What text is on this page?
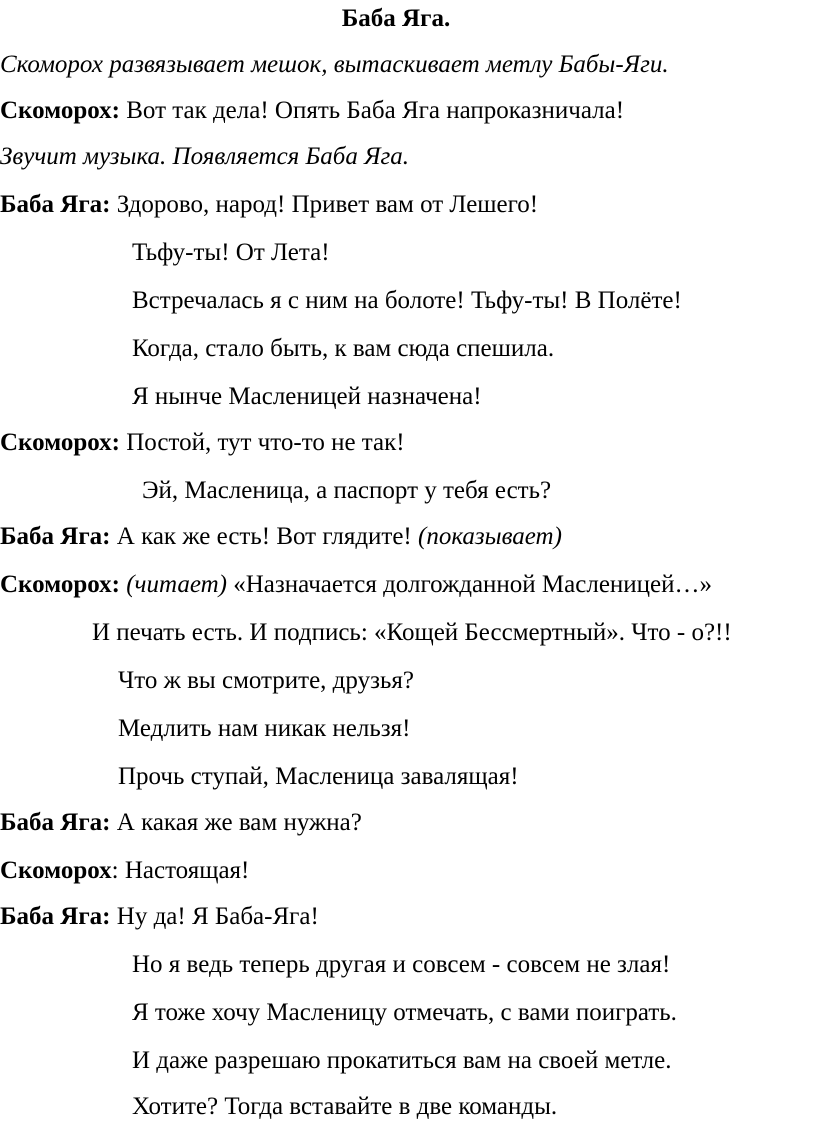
Баба Яга.
Скоморох развязывает мешок, вытаскивает метлу Бабы-Яги.
Скоморох: Вот так дела! Опять Баба Яга напроказничала!
Звучит музыка. Появляется Баба Яга.
Баба Яга: Здорово, народ! Привет вам от Лешего!
Тьфу-ты! От Лета!
Встречалась я с ним на болоте! Тьфу-ты! В Полёте!
Когда, стало быть, к вам сюда спешила.
Я нынче Масленицей назначена!
Скоморох: Постой, тут что-то не так!
Эй, Масленица, а паспорт у тебя есть?
Баба Яга: А как же есть! Вот глядите! (показывает)
Скоморох: (читает) «Назначается долгожданной Масленицей…»
И печать есть. И подпись: «Кощей Бессмертный». Что - о?!!
Что ж вы смотрите, друзья?
Медлить нам никак нельзя!
Прочь ступай, Масленица завалящая!
Баба Яга: А какая же вам нужна?
Скоморох: Настоящая!
Баба Яга: Ну да! Я Баба-Яга!
Но я ведь теперь другая и совсем - совсем не злая!
Я тоже хочу Масленицу отмечать, с вами поиграть.
И даже разрешаю прокатиться вам на своей метле.
Хотите? Тогда вставайте в две команды.
